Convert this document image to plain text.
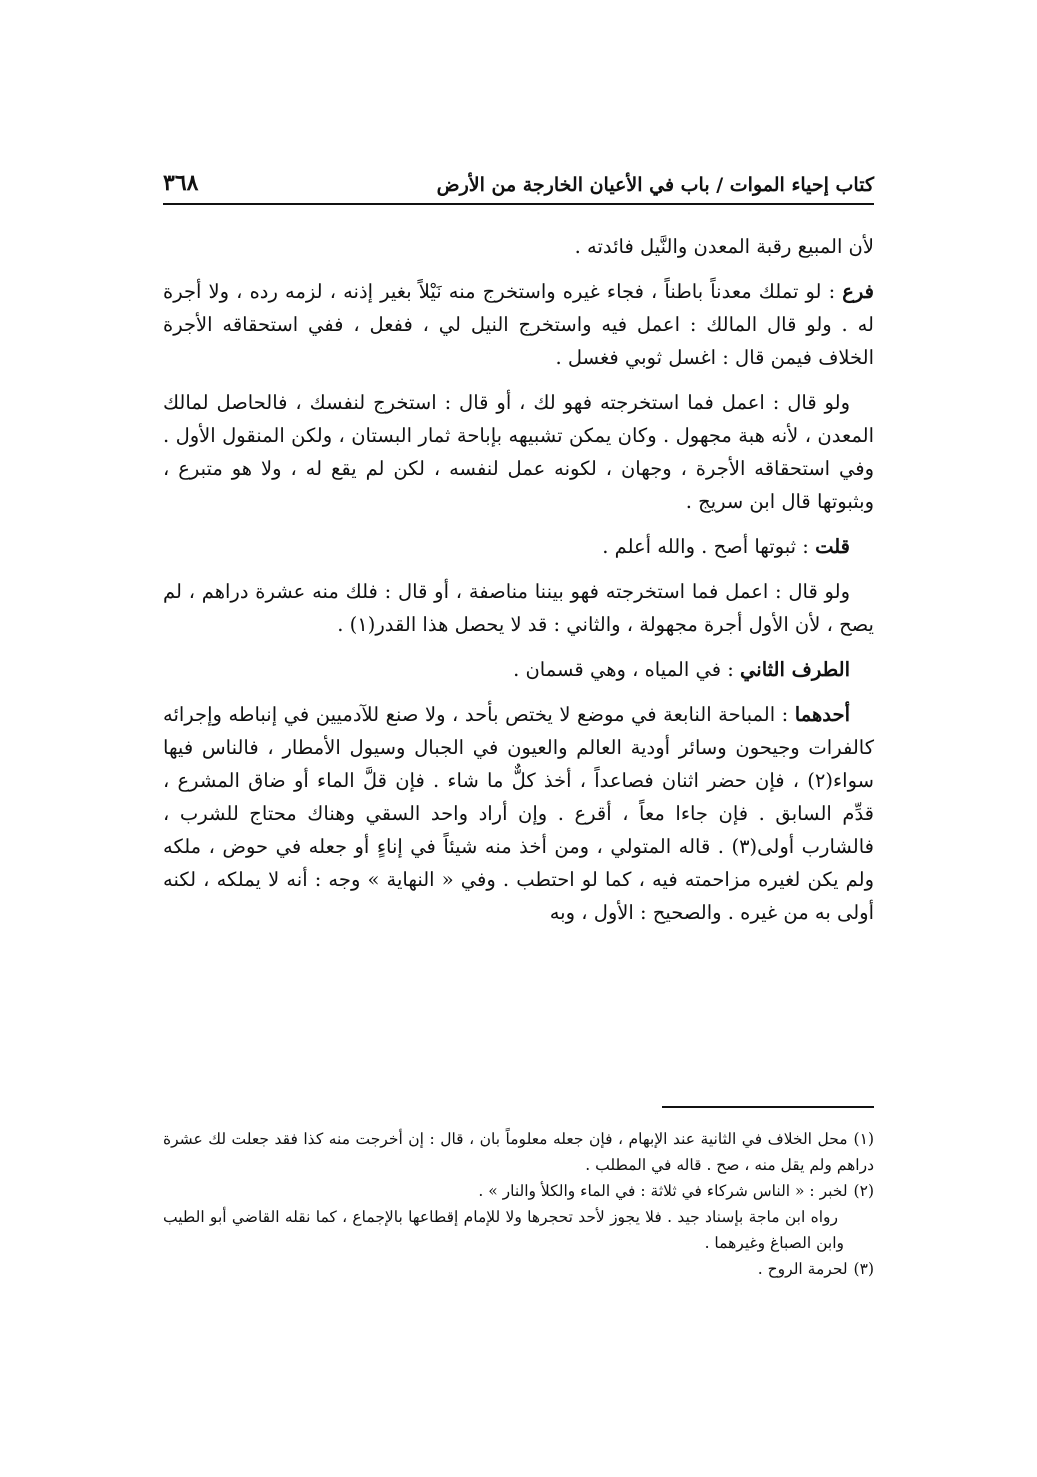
كتاب إحياء الموات / باب في الأعيان الخارجة من الأرض
٣٦٨

لأن المبيع رقبة المعدن والنَّيل فائدته .

فرع : لو تملك معدناً باطناً ، فجاء غيره واستخرج منه نَيْلاً بغير إذنه ، لزمه رده ، ولا أجرة له . ولو قال المالك : اعمل فيه واستخرج النيل لي ، ففعل ، ففي استحقاقه الأجرة الخلاف فيمن قال : اغسل ثوبي فغسل .

ولو قال : اعمل فما استخرجته فهو لك ، أو قال : استخرج لنفسك ، فالحاصل لمالك المعدن ، لأنه هبة مجهول . وكان يمكن تشبيهه بإباحة ثمار البستان ، ولكن المنقول الأول . وفي استحقاقه الأجرة ، وجهان ، لكونه عمل لنفسه ، لكن لم يقع له ، ولا هو متبرع ، وبثبوتها قال ابن سريج .

قلت : ثبوتها أصح . والله أعلم .

ولو قال : اعمل فما استخرجته فهو بيننا مناصفة ، أو قال : فلك منه عشرة دراهم ، لم يصح ، لأن الأول أجرة مجهولة ، والثاني : قد لا يحصل هذا القدر(١) .

الطرف الثاني : في المياه ، وهي قسمان .

أحدهما : المباحة النابعة في موضع لا يختص بأحد ، ولا صنع للآدميين في إنباطه وإجرائه كالفرات وجيحون وسائر أودية العالم والعيون في الجبال وسيول الأمطار ، فالناس فيها سواء(٢) ، فإن حضر اثنان فصاعداً ، أخذ كلٌّ ما شاء . فإن قلَّ الماء أو ضاق المشرع ، قدِّم السابق . فإن جاءا معاً ، أقرع . وإن أراد واحد السقي وهناك محتاج للشرب ، فالشارب أولى(٣) . قاله المتولي ، ومن أخذ منه شيئاً في إناءٍ أو جعله في حوض ، ملكه ولم يكن لغيره مزاحمته فيه ، كما لو احتطب . وفي « النهاية » وجه : أنه لا يملكه ، لكنه أولى به من غيره . والصحيح : الأول ، وبه

(١)محل الخلاف في الثانية عند الإبهام ، فإن جعله معلوماً بان ، قال : إن أخرجت منه كذا فقد جعلت لك عشرة دراهم ولم يقل منه ، صح . قاله في المطلب .

(٢)لخبر : « الناس شركاء في ثلاثة : في الماء والكلأ والنار » .

رواه ابن ماجة بإسناد جيد . فلا يجوز لأحد تحجرها ولا للإمام إقطاعها بالإجماع ، كما نقله القاضي أبو الطيب وابن الصباغ وغيرهما .

(٣)لحرمة الروح .
